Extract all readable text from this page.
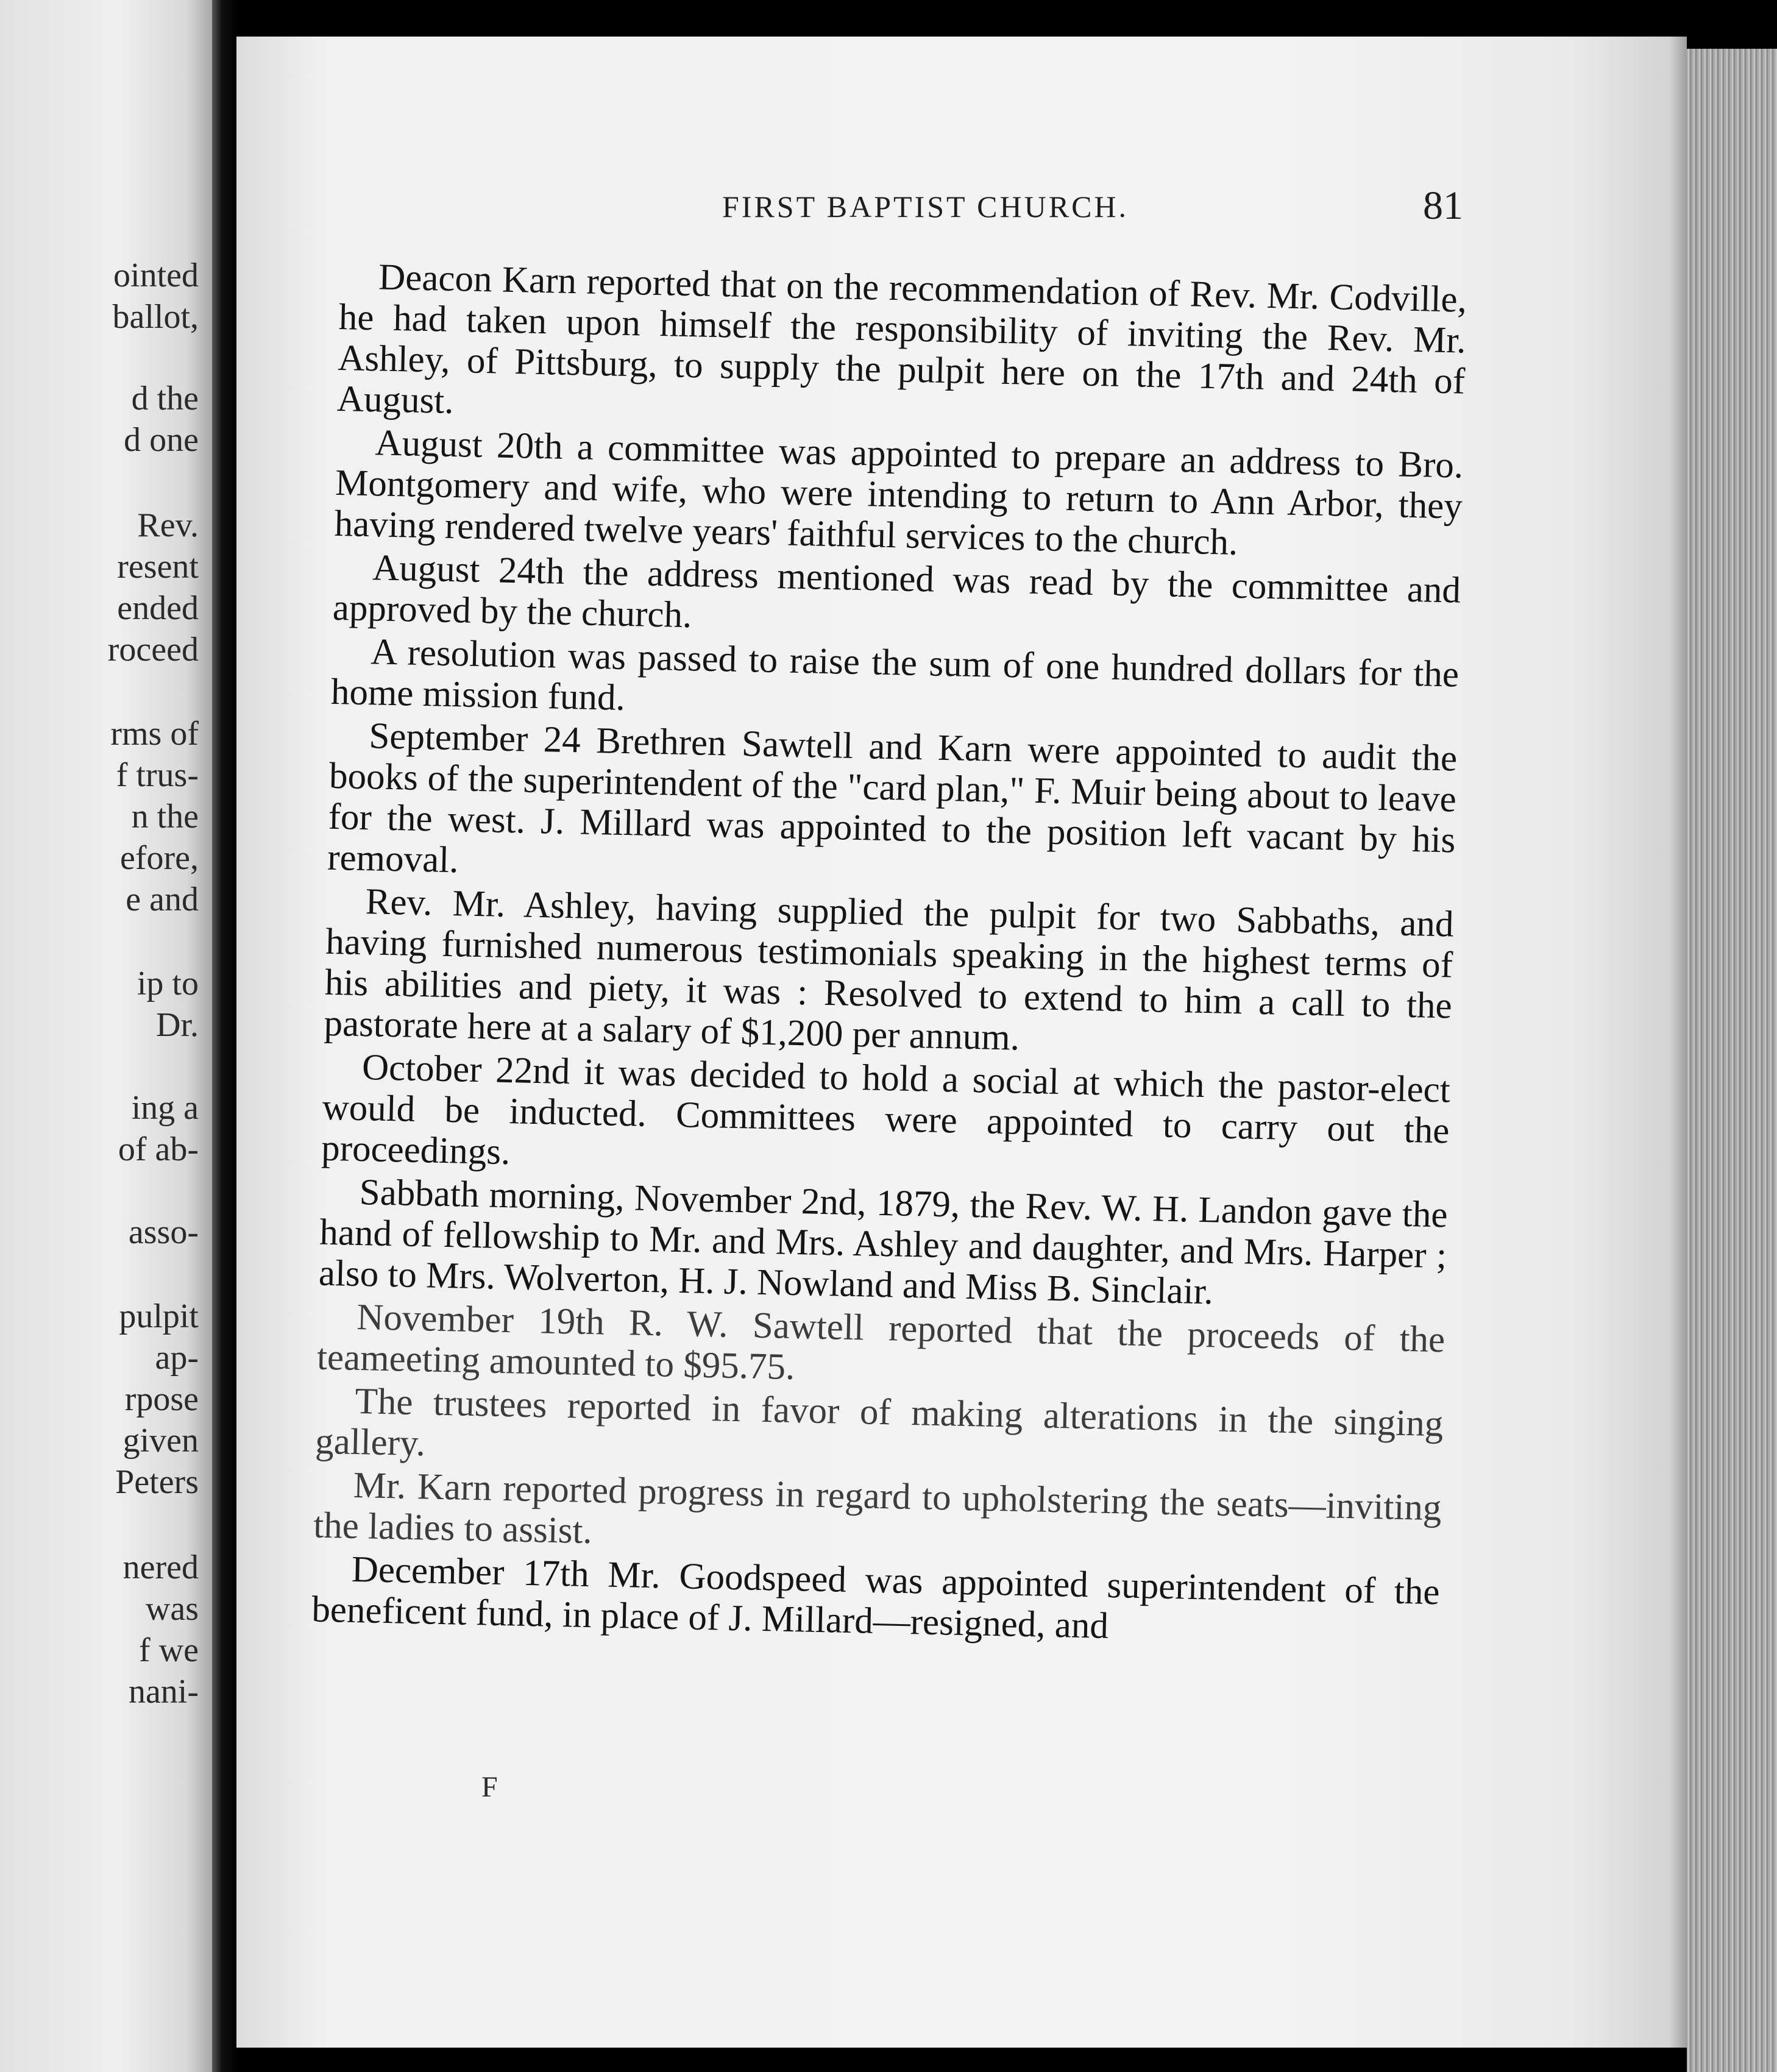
ointed
ballot,
d the
d one
Rev.
resent
ended
roceed
rms of
f trus-
n the
efore,
e and
ip to
Dr.
ing a
of ab-
asso-
pulpit
ap-
rpose
given
Peters
nered
was
f we
nani-
FIRST BAPTIST CHURCH.	81

Deacon Karn reported that on the recommendation of Rev. Mr. Codville, he had taken upon himself the responsibility of inviting the Rev. Mr. Ashley, of Pittsburg, to supply the pulpit here on the 17th and 24th of August.

August 20th a committee was appointed to prepare an address to Bro. Montgomery and wife, who were intending to return to Ann Arbor, they having rendered twelve years' faithful services to the church.

August 24th the address mentioned was read by the committee and approved by the church.

A resolution was passed to raise the sum of one hundred dollars for the home mission fund.

September 24 Brethren Sawtell and Karn were appointed to audit the books of the superintendent of the "card plan," F. Muir being about to leave for the west. J. Millard was appointed to the position left vacant by his removal.

Rev. Mr. Ashley, having supplied the pulpit for two Sabbaths, and having furnished numerous testimonials speaking in the highest terms of his abilities and piety, it was : Resolved to extend to him a call to the pastorate here at a salary of $1,200 per annum.

October 22nd it was decided to hold a social at which the pastor-elect would be inducted. Committees were appointed to carry out the proceedings.

Sabbath morning, November 2nd, 1879, the Rev. W. H. Landon gave the hand of fellowship to Mr. and Mrs. Ashley and daughter, and Mrs. Harper ; also to Mrs. Wolverton, H. J. Nowland and Miss B. Sinclair.

November 19th R. W. Sawtell reported that the proceeds of the teameeting amounted to $95.75.

The trustees reported in favor of making alterations in the singing gallery.

Mr. Karn reported progress in regard to upholstering the seats—inviting the ladies to assist.

December 17th Mr. Goodspeed was appointed superintendent of the beneficent fund, in place of J. Millard—resigned, and

F
